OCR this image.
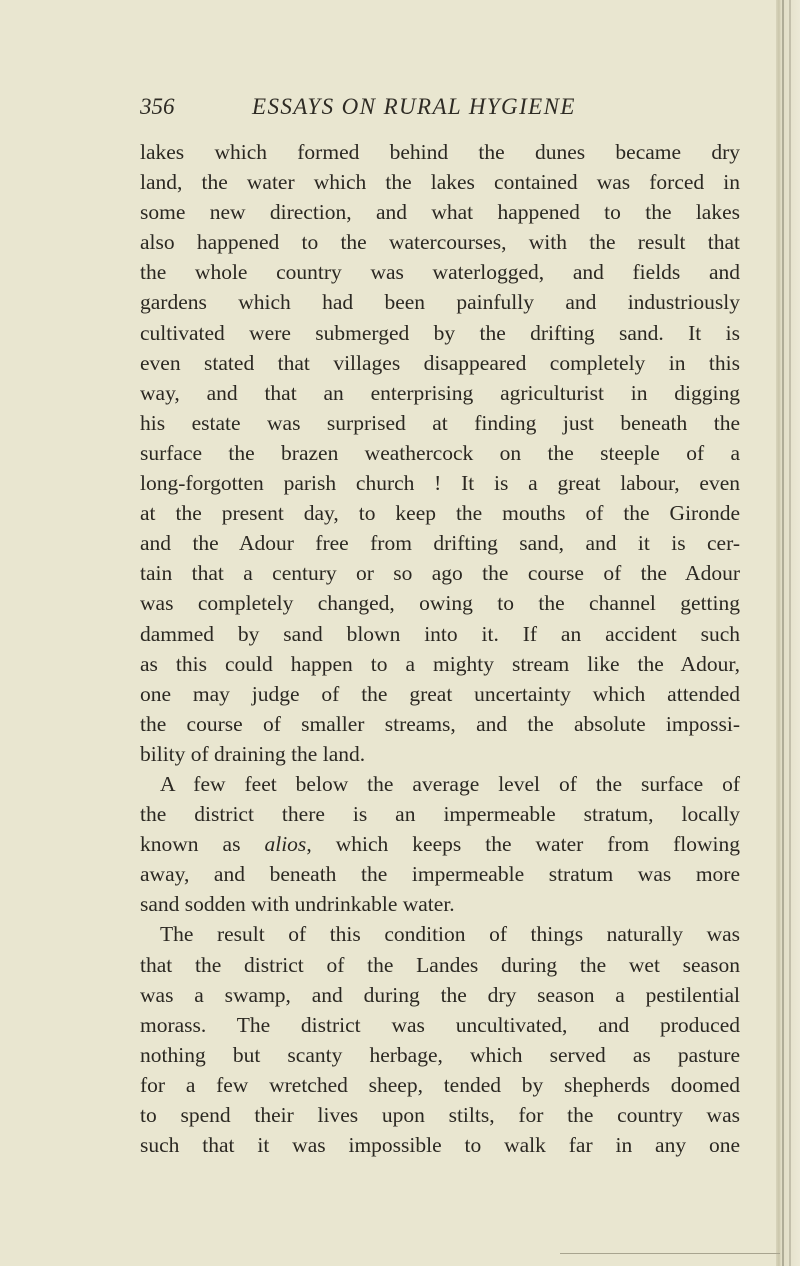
356	ESSAYS ON RURAL HYGIENE
lakes which formed behind the dunes became dry
land, the water which the lakes contained was forced in
some new direction, and what happened to the lakes
also happened to the watercourses, with the result that
the whole country was waterlogged, and fields and
gardens which had been painfully and industriously
cultivated were submerged by the drifting sand. It is
even stated that villages disappeared completely in this
way, and that an enterprising agriculturist in digging
his estate was surprised at finding just beneath the
surface the brazen weathercock on the steeple of a
long-forgotten parish church ! It is a great labour, even
at the present day, to keep the mouths of the Gironde
and the Adour free from drifting sand, and it is cer-
tain that a century or so ago the course of the Adour
was completely changed, owing to the channel getting
dammed by sand blown into it. If an accident such
as this could happen to a mighty stream like the Adour,
one may judge of the great uncertainty which attended
the course of smaller streams, and the absolute impossi-
bility of draining the land.
A few feet below the average level of the surface of
the district there is an impermeable stratum, locally
known as alios, which keeps the water from flowing
away, and beneath the impermeable stratum was more
sand sodden with undrinkable water.
The result of this condition of things naturally was
that the district of the Landes during the wet season
was a swamp, and during the dry season a pestilential
morass. The district was uncultivated, and produced
nothing but scanty herbage, which served as pasture
for a few wretched sheep, tended by shepherds doomed
to spend their lives upon stilts, for the country was
such that it was impossible to walk far in any one
